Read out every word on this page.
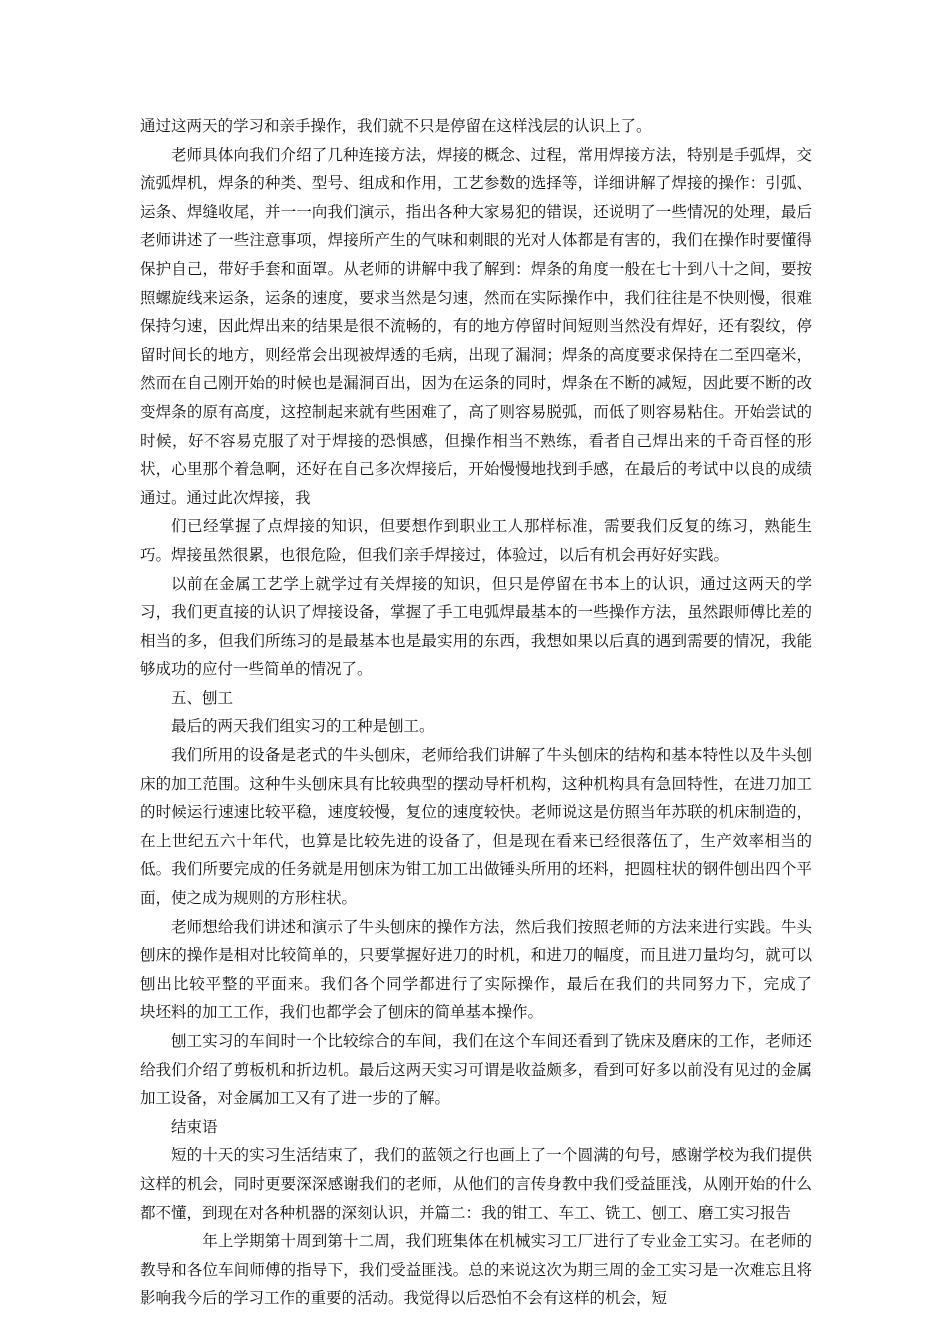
通过这两天的学习和亲手操作，我们就不只是停留在这样浅层的认识上了。

老师具体向我们介绍了几种连接方法，焊接的概念、过程，常用焊接方法，特别是手弧焊，交流弧焊机，焊条的种类、型号、组成和作用，工艺参数的选择等，详细讲解了焊接的操作：引弧、运条、焊缝收尾，并一一向我们演示，指出各种大家易犯的错误，还说明了一些情况的处理，最后老师讲述了一些注意事项，焊接所产生的气味和刺眼的光对人体都是有害的，我们在操作时要懂得保护自己，带好手套和面罩。从老师的讲解中我了解到：焊条的角度一般在七十到八十之间，要按照螺旋线来运条，运条的速度，要求当然是匀速，然而在实际操作中，我们往往是不快则慢，很难保持匀速，因此焊出来的结果是很不流畅的，有的地方停留时间短则当然没有焊好，还有裂纹，停留时间长的地方，则经常会出现被焊透的毛病，出现了漏洞；焊条的高度要求保持在二至四毫米，然而在自己刚开始的时候也是漏洞百出，因为在运条的同时，焊条在不断的减短，因此要不断的改变焊条的原有高度，这控制起来就有些困难了，高了则容易脱弧，而低了则容易粘住。开始尝试的时候，好不容易克服了对于焊接的恐惧感，但操作相当不熟练，看者自己焊出来的千奇百怪的形状，心里那个着急啊，还好在自己多次焊接后，开始慢慢地找到手感，在最后的考试中以良的成绩通过。通过此次焊接，我

们已经掌握了点焊接的知识，但要想作到职业工人那样标准，需要我们反复的练习，熟能生巧。焊接虽然很累，也很危险，但我们亲手焊接过，体验过，以后有机会再好好实践。

以前在金属工艺学上就学过有关焊接的知识，但只是停留在书本上的认识，通过这两天的学习，我们更直接的认识了焊接设备，掌握了手工电弧焊最基本的一些操作方法，虽然跟师傅比差的相当的多，但我们所练习的是最基本也是最实用的东西，我想如果以后真的遇到需要的情况，我能够成功的应付一些简单的情况了。

五、刨工

最后的两天我们组实习的工种是刨工。

我们所用的设备是老式的牛头刨床，老师给我们讲解了牛头刨床的结构和基本特性以及牛头刨床的加工范围。这种牛头刨床具有比较典型的摆动导杆机构，这种机构具有急回特性，在进刀加工的时候运行速速比较平稳，速度较慢，复位的速度较快。老师说这是仿照当年苏联的机床制造的，在上世纪五六十年代，也算是比较先进的设备了，但是现在看来已经很落伍了，生产效率相当的低。我们所要完成的任务就是用刨床为钳工加工出做锤头所用的坯料，把圆柱状的钢件刨出四个平面，使之成为规则的方形柱状。

老师想给我们讲述和演示了牛头刨床的操作方法，然后我们按照老师的方法来进行实践。牛头刨床的操作是相对比较简单的，只要掌握好进刀的时机，和进刀的幅度，而且进刀量均匀，就可以刨出比较平整的平面来。我们各个同学都进行了实际操作，最后在我们的共同努力下，完成了　　块坯料的加工工作，我们也都学会了刨床的简单基本操作。

刨工实习的车间时一个比较综合的车间，我们在这个车间还看到了铣床及磨床的工作，老师还给我们介绍了剪板机和折边机。最后这两天实习可谓是收益颇多，看到可好多以前没有见过的金属加工设备，对金属加工又有了进一步的了解。

结束语

短的十天的实习生活结束了，我们的蓝领之行也画上了一个圆满的句号，感谢学校为我们提供这样的机会，同时更要深深感谢我们的老师，从他们的言传身教中我们受益匪浅，从刚开始的什么都不懂，到现在对各种机器的深刻认识，并篇二：我的钳工、车工、铣工、刨工、磨工实习报告

　　年上学期第十周到第十二周，我们班集体在机械实习工厂进行了专业金工实习。在老师的教导和各位车间师傅的指导下，我们受益匪浅。总的来说这次为期三周的金工实习是一次难忘且将影响我今后的学习工作的重要的活动。我觉得以后恐怕不会有这样的机会，短
